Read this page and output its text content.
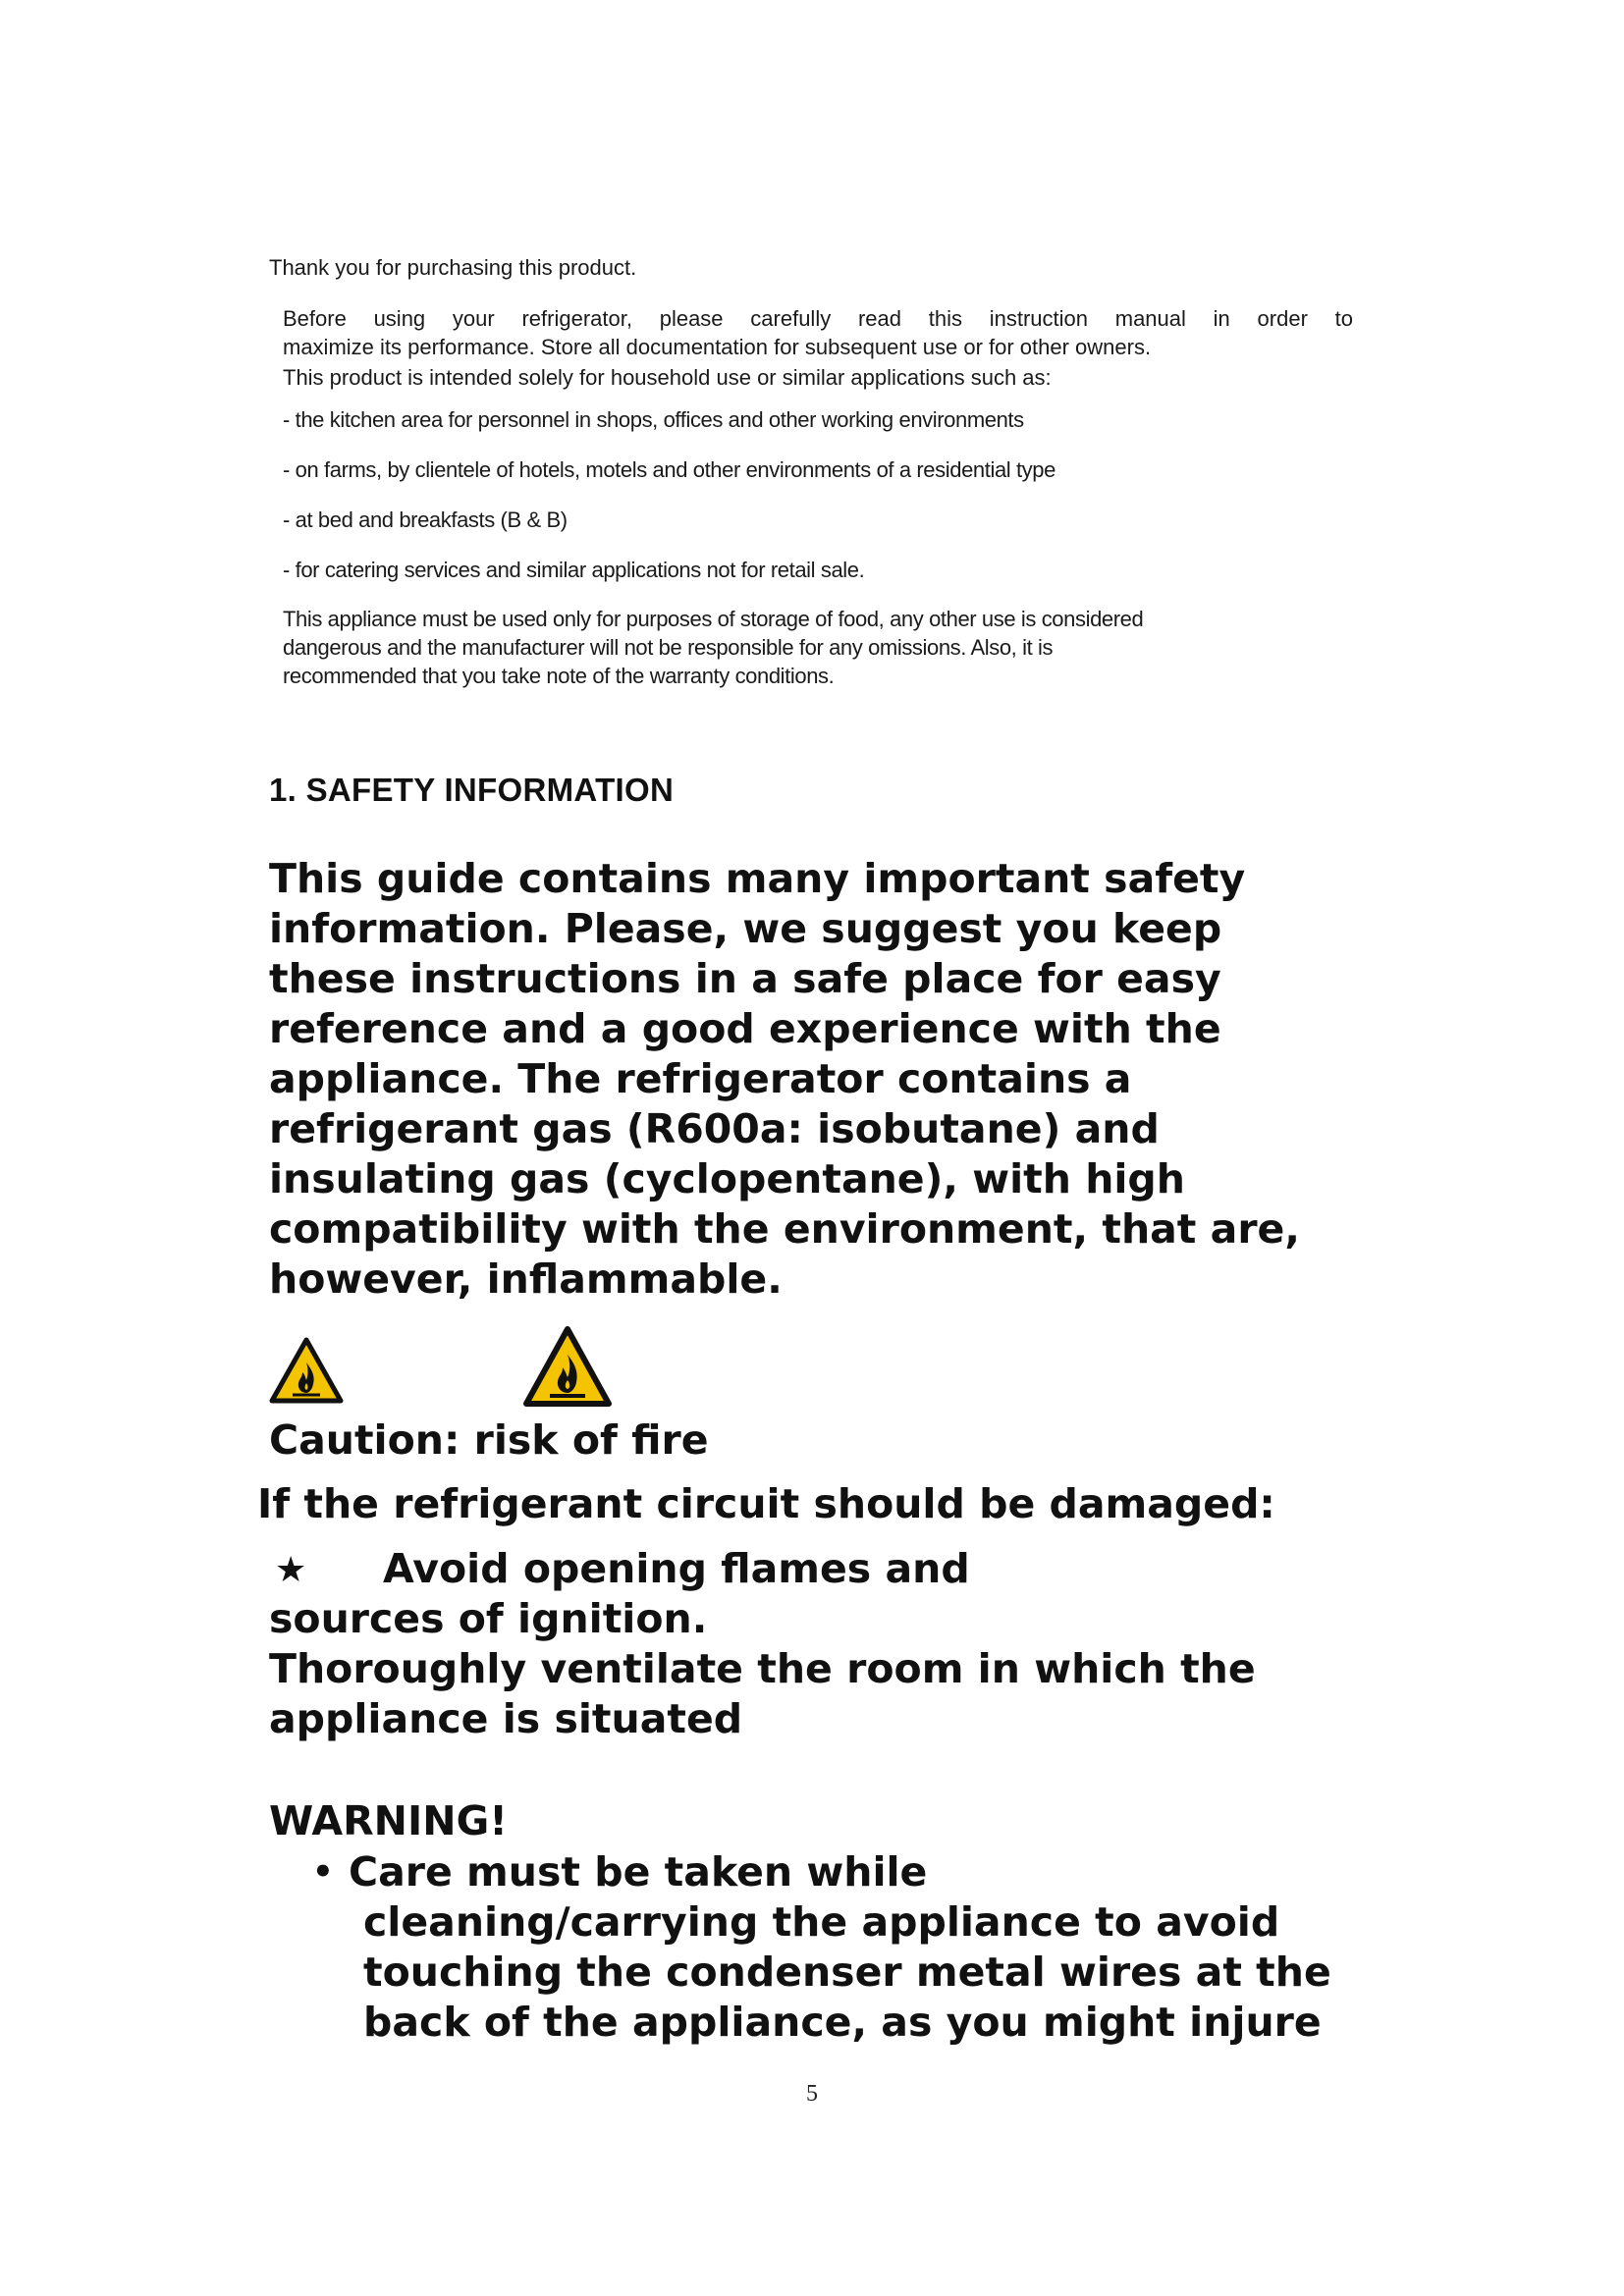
Thank you for purchasing this product.

Before using your refrigerator, please carefully read this instruction manual in order to

maximize its performance. Store all documentation for subsequent use or for other owners.

This product is intended solely for household use or similar applications such as:

- the kitchen area for personnel in shops, offices and other working environments

- on farms, by clientele of hotels, motels and other environments of a residential type

- at bed and breakfasts (B & B)

- for catering services and similar applications not for retail sale.

This appliance must be used only for purposes of storage of food, any other use is considered

dangerous and the manufacturer will not be responsible for any omissions. Also, it is

recommended that you take note of the warranty conditions.

1. SAFETY INFORMATION
This guide contains many important safety
information. Please, we suggest you keep
these instructions in a safe place for easy
reference and a good experience with the
appliance. The refrigerator contains a
refrigerant gas (R600a: isobutane) and
insulating gas (cyclopentane), with high
compatibility with the environment, that are,
however, inflammable.

Caution: risk of fire

If the refrigerant circuit should be damaged:

★ Avoid opening flames and

sources of ignition.

Thoroughly ventilate the room in which the
appliance is situated

WARNING!

• Care must be taken while
cleaning/carrying the appliance to avoid
touching the condenser metal wires at the
back of the appliance, as you might injure

5
